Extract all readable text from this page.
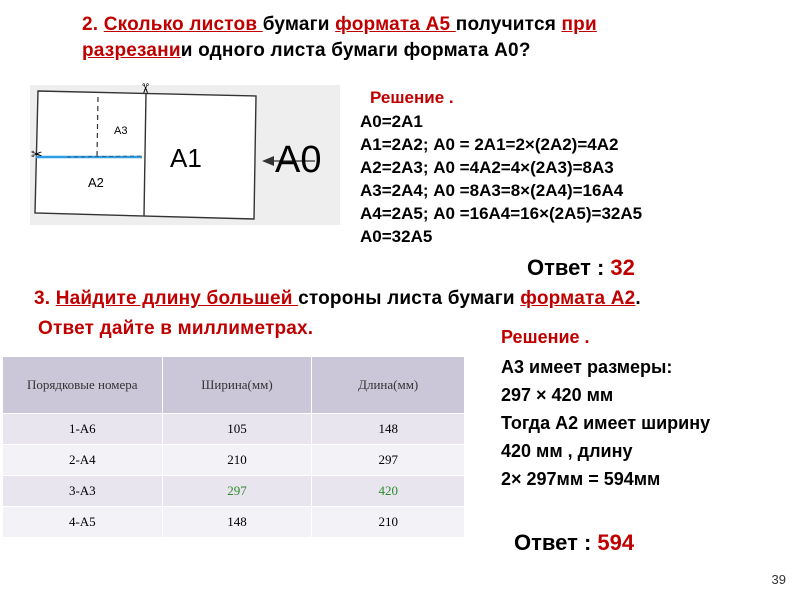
2. Сколько листов бумаги формата А5 получится при
разрезании одного листа бумаги формата А0?
✂
✂
А3
А2
А1 А0
Решение .
А0=2А1
А1=2А2; А0 = 2А1=2×(2А2)=4А2
А2=2А3; А0 =4А2=4×(2А3)=8А3
А3=2А4; А0 =8А3=8×(2А4)=16А4
А4=2А5; А0 =16А4=16×(2А5)=32А5
А0=32А5
Ответ : 32
3. Найдите длину большей стороны листа бумаги формата А2.
Ответ дайте в миллиметрах.
Порядковые номера	Ширина(мм)	Длина(мм)
1-А6	105	148
2-А4	210	297
3-А3	297	420
4-А5	148	210
Решение .
А3 имеет размеры:
297 × 420 мм
Тогда А2 имеет ширину
420 мм , длину
2× 297мм = 594мм
Ответ : 594
39
